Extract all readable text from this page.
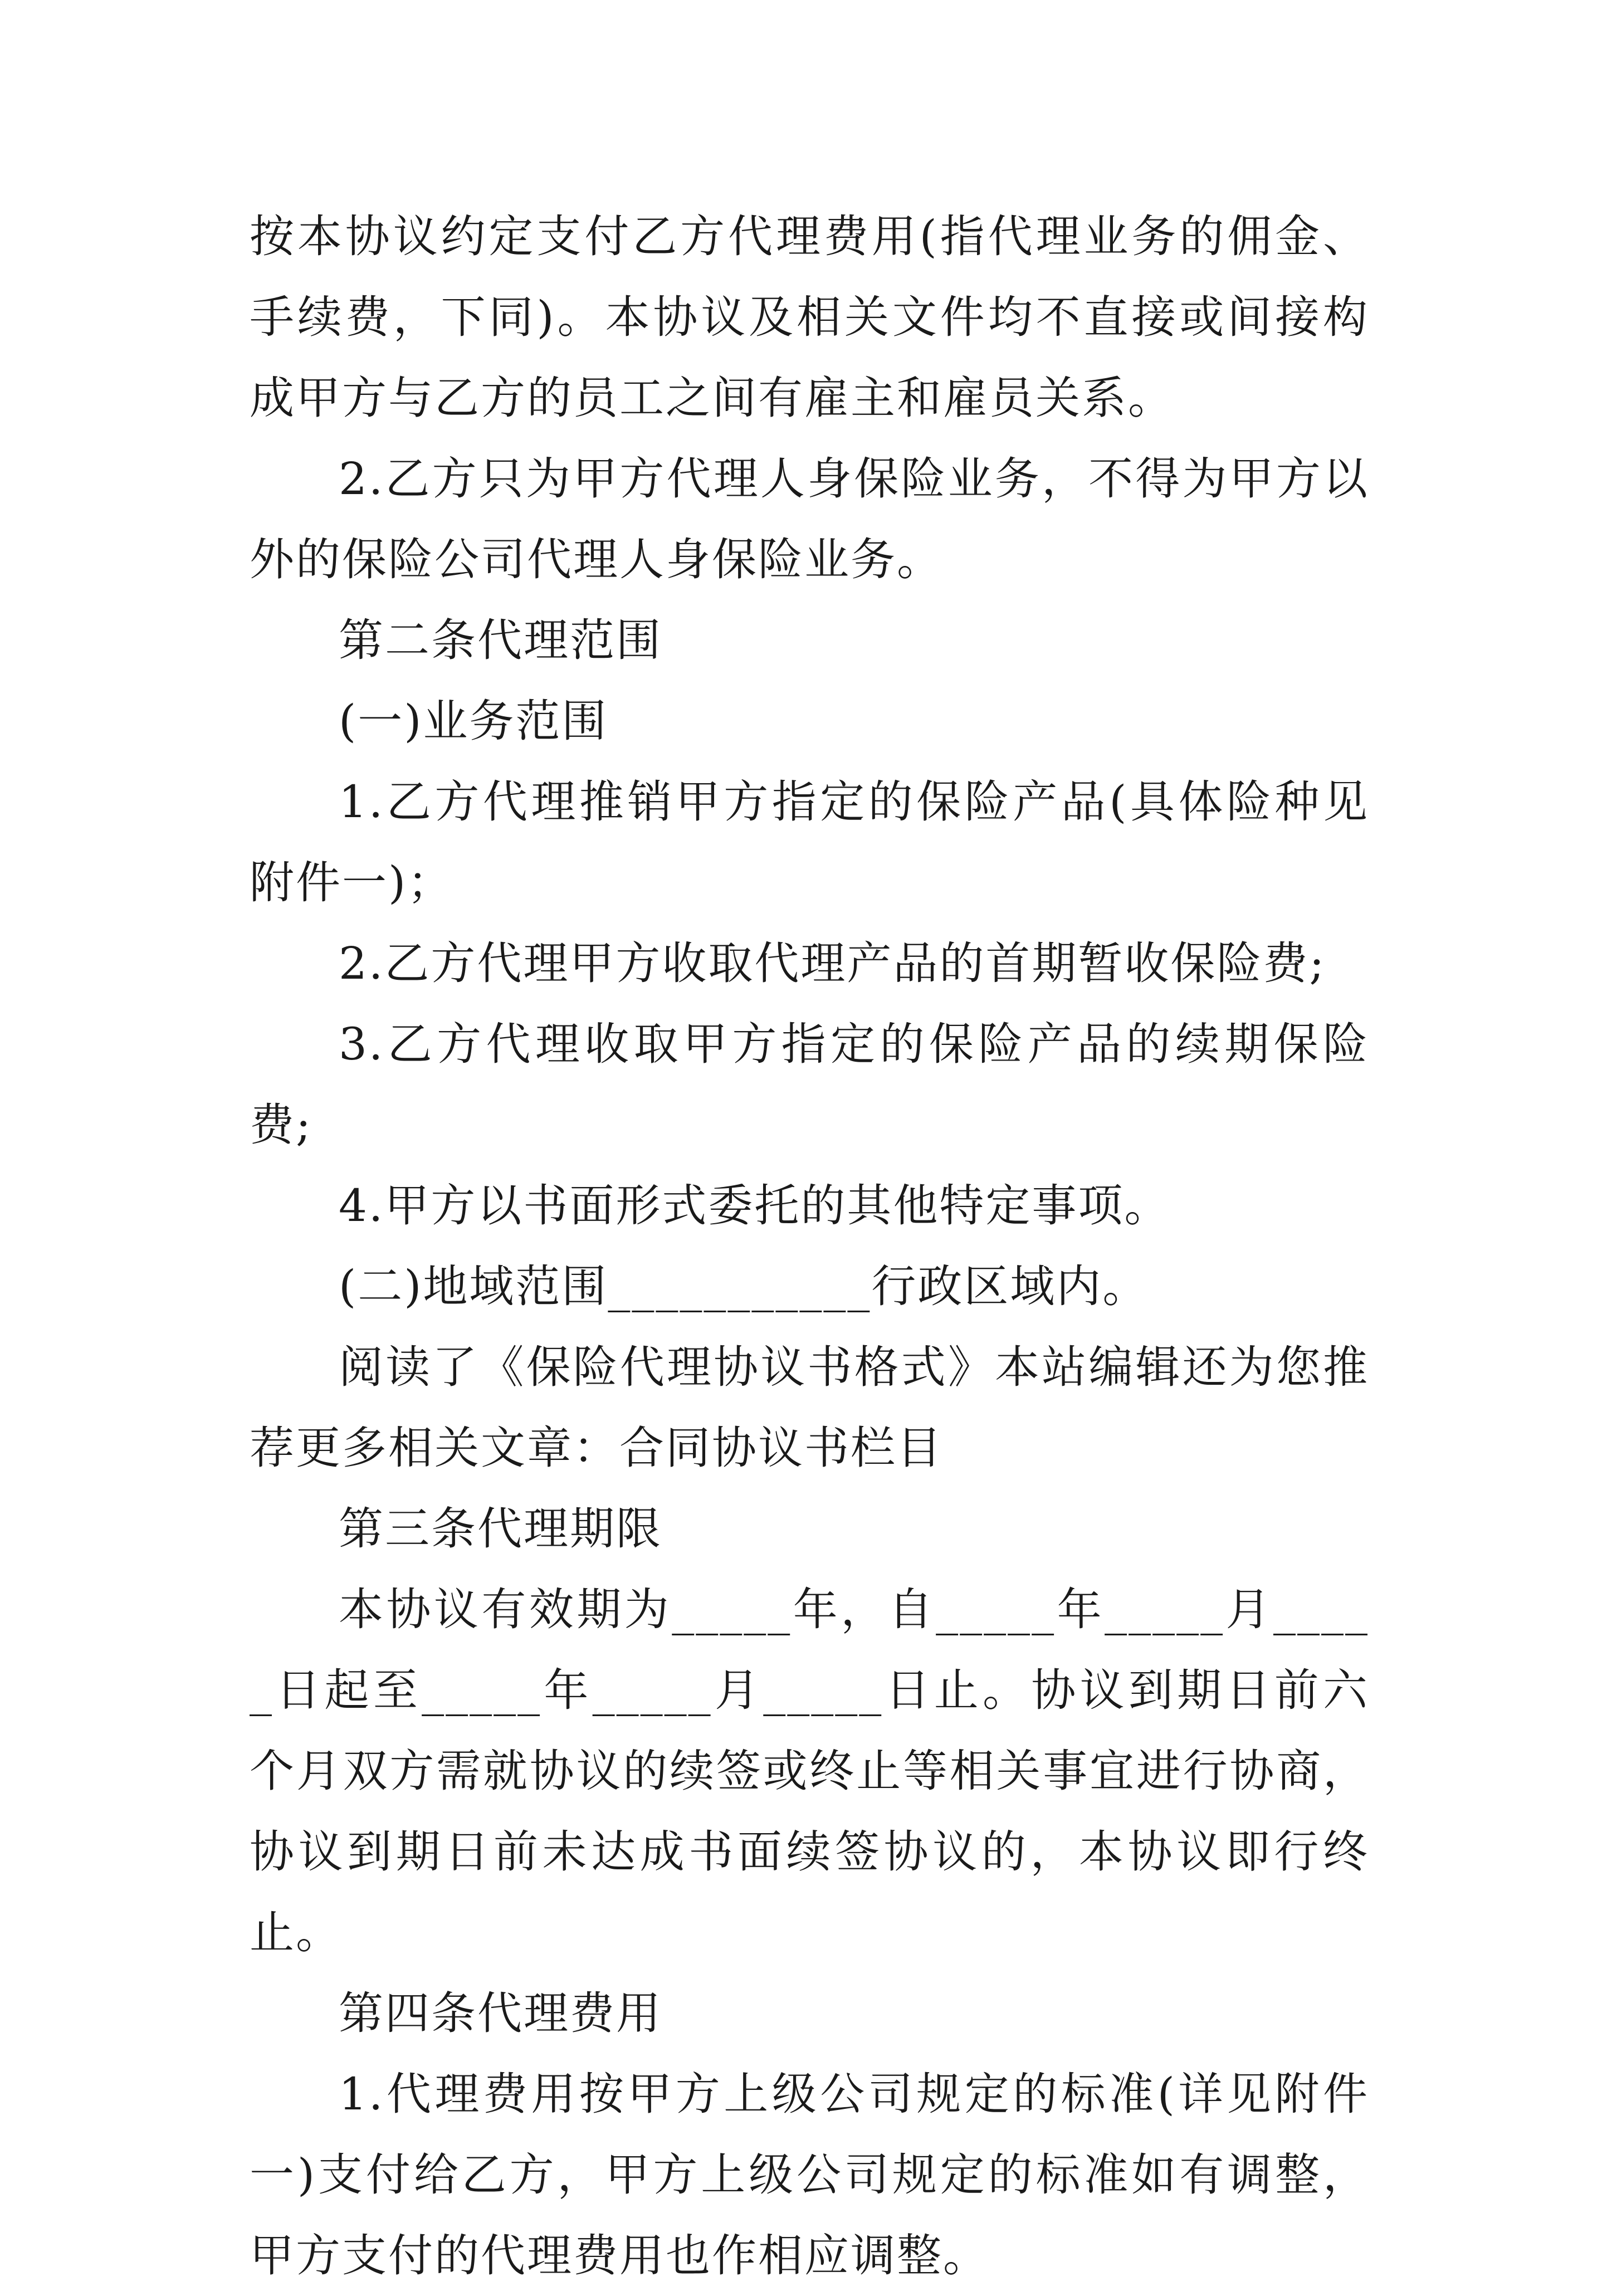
按本协议约定支付乙方代理费用(指代理业务的佣金、手续费，下同)。本协议及相关文件均不直接或间接构成甲方与乙方的员工之间有雇主和雇员关系。

2.乙方只为甲方代理人身保险业务，不得为甲方以外的保险公司代理人身保险业务。

第二条代理范围

(一)业务范围

1.乙方代理推销甲方指定的保险产品(具体险种见附件一)；

2.乙方代理甲方收取代理产品的首期暂收保险费;

3.乙方代理收取甲方指定的保险产品的续期保险费;

4.甲方以书面形式委托的其他特定事项。

(二)地域范围___________行政区域内。

阅读了《保险代理协议书格式》本站编辑还为您推荐更多相关文章：合同协议书栏目

第三条代理期限

本协议有效期为_____年，自_____年_____月_____日起至_____年_____月_____日止。协议到期日前六个月双方需就协议的续签或终止等相关事宜进行协商，协议到期日前未达成书面续签协议的，本协议即行终止。

第四条代理费用

1.代理费用按甲方上级公司规定的标准(详见附件一)支付给乙方，甲方上级公司规定的标准如有调整，甲方支付的代理费用也作相应调整。
